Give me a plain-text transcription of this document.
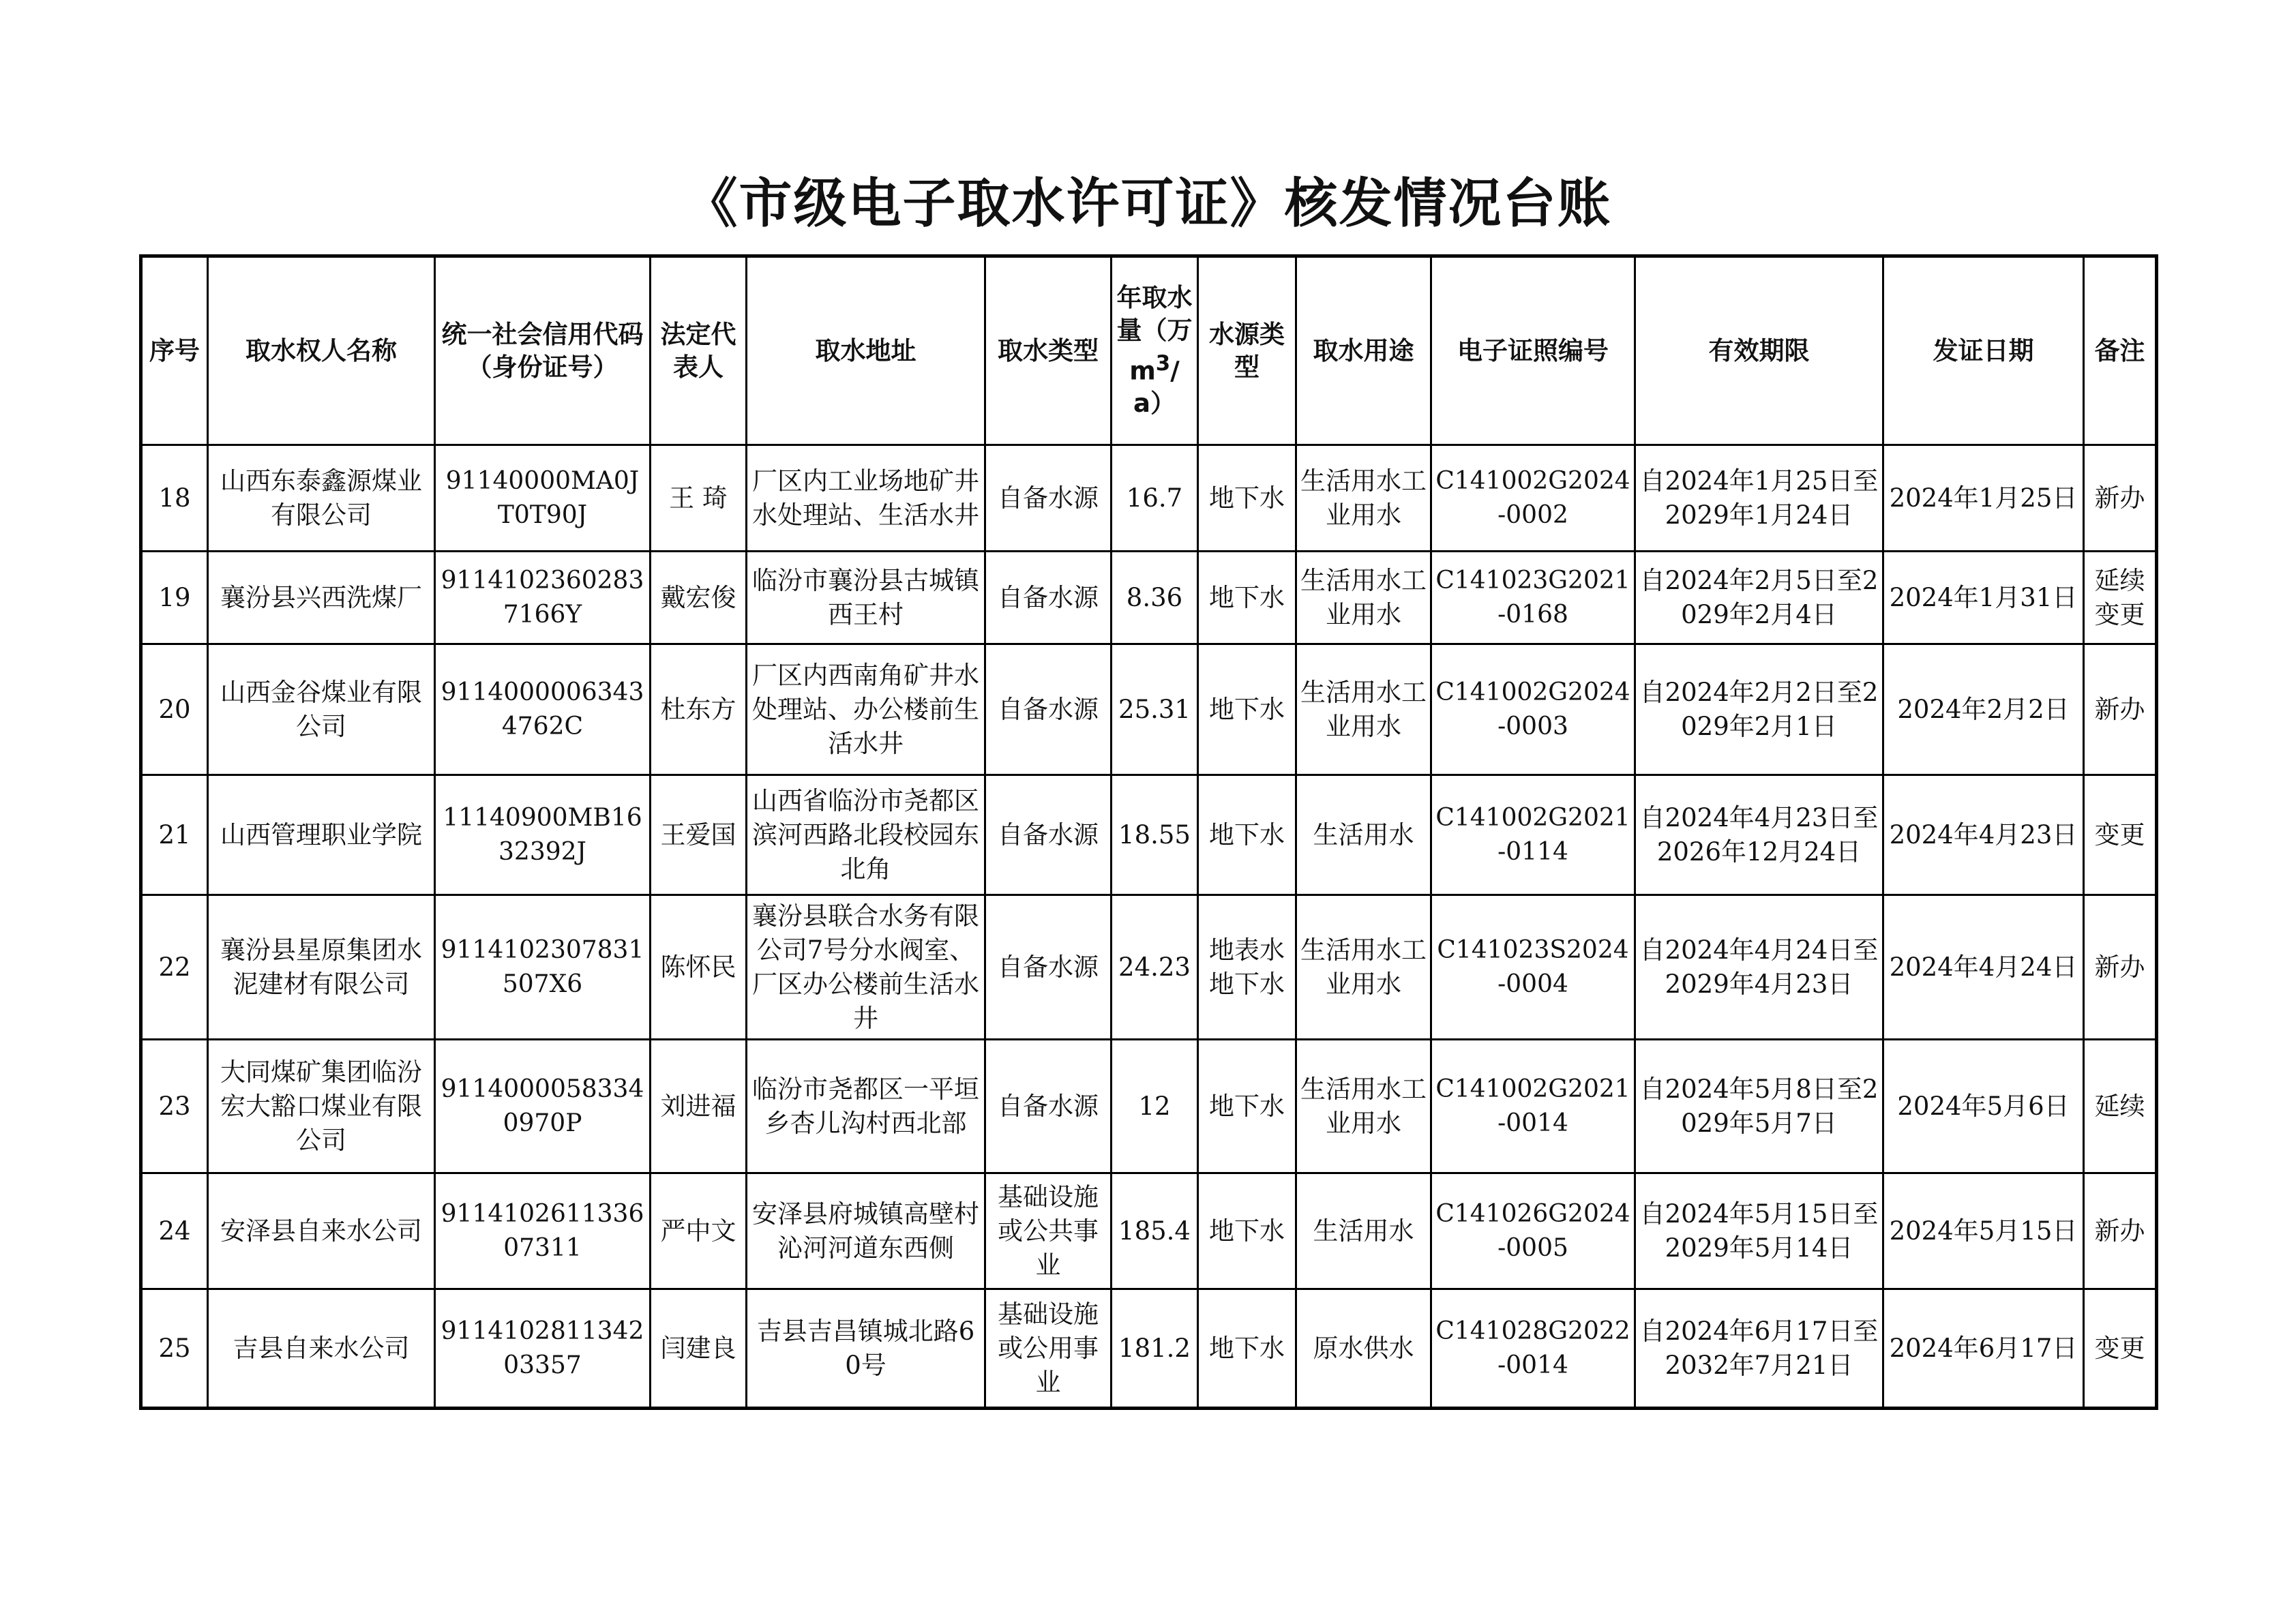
《市级电子取水许可证》核发情况台账
序号	取水权人名称	统一社会信用代码（身份证号）	法定代表人	取水地址	取水类型	年取水量（万$m^3/a$）	水源类型	取水用途	电子证照编号	有效期限	发证日期	备注
18	山西东泰鑫源煤业有限公司	91140000MA0JT0T90J	王 琦	厂区内工业场地矿井水处理站、生活水井	自备水源	16.7	地下水	生活用水工业用水	C141002G2024-0002	自2024年1月25日至2029年1月24日	2024年1月25日	新办
19	襄汾县兴西洗煤厂	91141023602837166Y	戴宏俊	临汾市襄汾县古城镇西王村	自备水源	8.36	地下水	生活用水工业用水	C141023G2021-0168	自2024年2月5日至2029年2月4日	2024年1月31日	延续变更
20	山西金谷煤业有限公司	91140000063434762C	杜东方	厂区内西南角矿井水处理站、办公楼前生活水井	自备水源	25.31	地下水	生活用水工业用水	C141002G2024-0003	自2024年2月2日至2029年2月1日	2024年2月2日	新办
21	山西管理职业学院	11140900MB1632392J	王爱国	山西省临汾市尧都区滨河西路北段校园东北角	自备水源	18.55	地下水	生活用水	C141002G2021-0114	自2024年4月23日至2026年12月24日	2024年4月23日	变更
22	襄汾县星原集团水泥建材有限公司	9114102307831507X6	陈怀民	襄汾县联合水务有限公司7号分水阀室、厂区办公楼前生活水井	自备水源	24.23	地表水地下水	生活用水工业用水	C141023S2024-0004	自2024年4月24日至2029年4月23日	2024年4月24日	新办
23	大同煤矿集团临汾宏大豁口煤业有限公司	91140000583340970P	刘进福	临汾市尧都区一平垣乡杏儿沟村西北部	自备水源	12	地下水	生活用水工业用水	C141002G2021-0014	自2024年5月8日至2029年5月7日	2024年5月6日	延续
24	安泽县自来水公司	911410261133607311	严中文	安泽县府城镇高壁村沁河河道东西侧	基础设施或公共事业	185.4	地下水	生活用水	C141026G2024-0005	自2024年5月15日至2029年5月14日	2024年5月15日	新办
25	吉县自来水公司	911410281134203357	闫建良	吉县吉昌镇城北路60号	基础设施或公用事业	181.2	地下水	原水供水	C141028G2022-0014	自2024年6月17日至2032年7月21日	2024年6月17日	变更
